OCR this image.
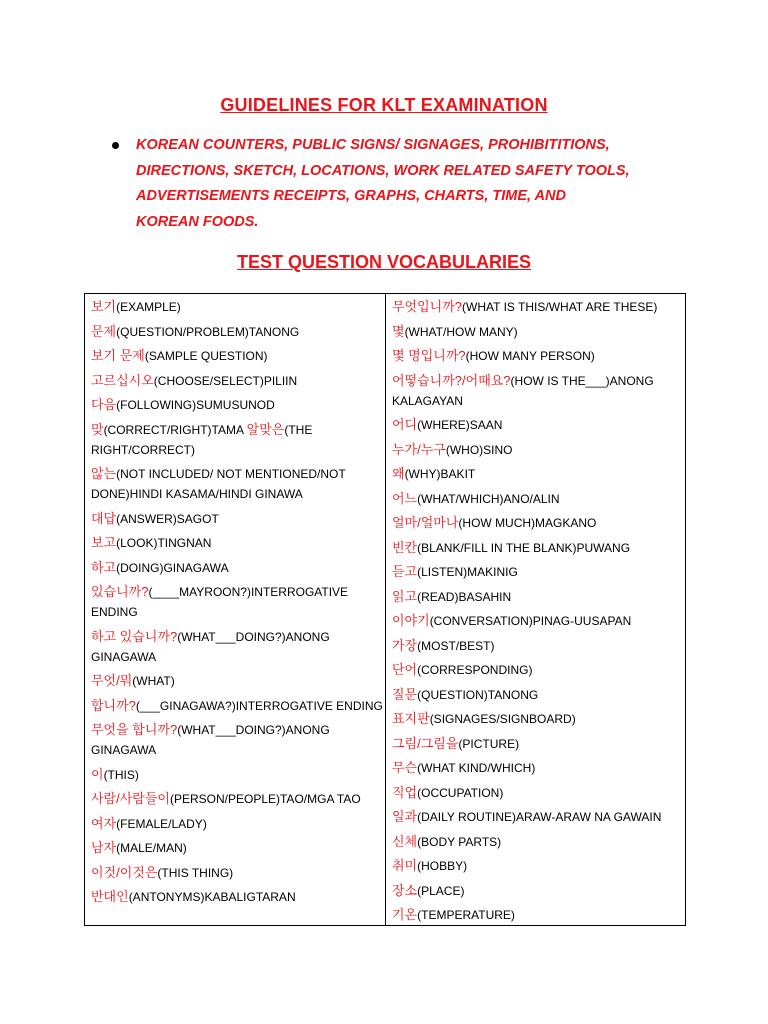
GUIDELINES FOR KLT EXAMINATION
KOREAN COUNTERS, PUBLIC SIGNS/ SIGNAGES, PROHIBITITIONS, DIRECTIONS, SKETCH, LOCATIONS, WORK RELATED SAFETY TOOLS, ADVERTISEMENTS RECEIPTS, GRAPHS, CHARTS, TIME, AND KOREAN FOODS.
TEST QUESTION VOCABULARIES
보기(EXAMPLE)
문제(QUESTION/PROBLEM)TANONG
보기 문제(SAMPLE QUESTION)
고르십시오(CHOOSE/SELECT)PILIIN
다음(FOLLOWING)SUMUSUNOD
맞(CORRECT/RIGHT)TAMA 알맞은(THE RIGHT/CORRECT)
않는(NOT INCLUDED/ NOT MENTIONED/NOT DONE)HINDI KASAMA/HINDI GINAWA
대답(ANSWER)SAGOT
보고(LOOK)TINGNAN
하고(DOING)GINAGAWA
있습니까?(____MAYROON?)INTERROGATIVE ENDING
하고 있습니까?(WHAT___DOING?)ANONG GINAGAWA
무엇/뭐(WHAT)
합니까?(___GINAGAWA?)INTERROGATIVE ENDING
무엇을 합니까?(WHAT___DOING?)ANONG GINAGAWA
이(THIS)
사람/사람들이(PERSON/PEOPLE)TAO/MGA TAO
여자(FEMALE/LADY)
남자(MALE/MAN)
이것/이것은(THIS THING)
반대인(ANTONYMS)KABALIGTARAN
무엇입니까?(WHAT IS THIS/WHAT ARE THESE)
몇(WHAT/HOW MANY)
몇 명입니까?(HOW MANY PERSON)
어떻습니까?/어때요?(HOW IS THE___)ANONG KALAGAYAN
어디(WHERE)SAAN
누가/누구(WHO)SINO
왜(WHY)BAKIT
어느(WHAT/WHICH)ANO/ALIN
얼마/얼마나(HOW MUCH)MAGKANO
빈칸(BLANK/FILL IN THE BLANK)PUWANG
듣고(LISTEN)MAKINIG
읽고(READ)BASAHIN
이야기(CONVERSATION)PINAG-UUSAPAN
가장(MOST/BEST)
단어(CORRESPONDING)
질문(QUESTION)TANONG
표지판(SIGNAGES/SIGNBOARD)
그림/그림을(PICTURE)
무슨(WHAT KIND/WHICH)
직업(OCCUPATION)
일과(DAILY ROUTINE)ARAW-ARAW NA GAWAIN
신체(BODY PARTS)
취미(HOBBY)
장소(PLACE)
기온(TEMPERATURE)
